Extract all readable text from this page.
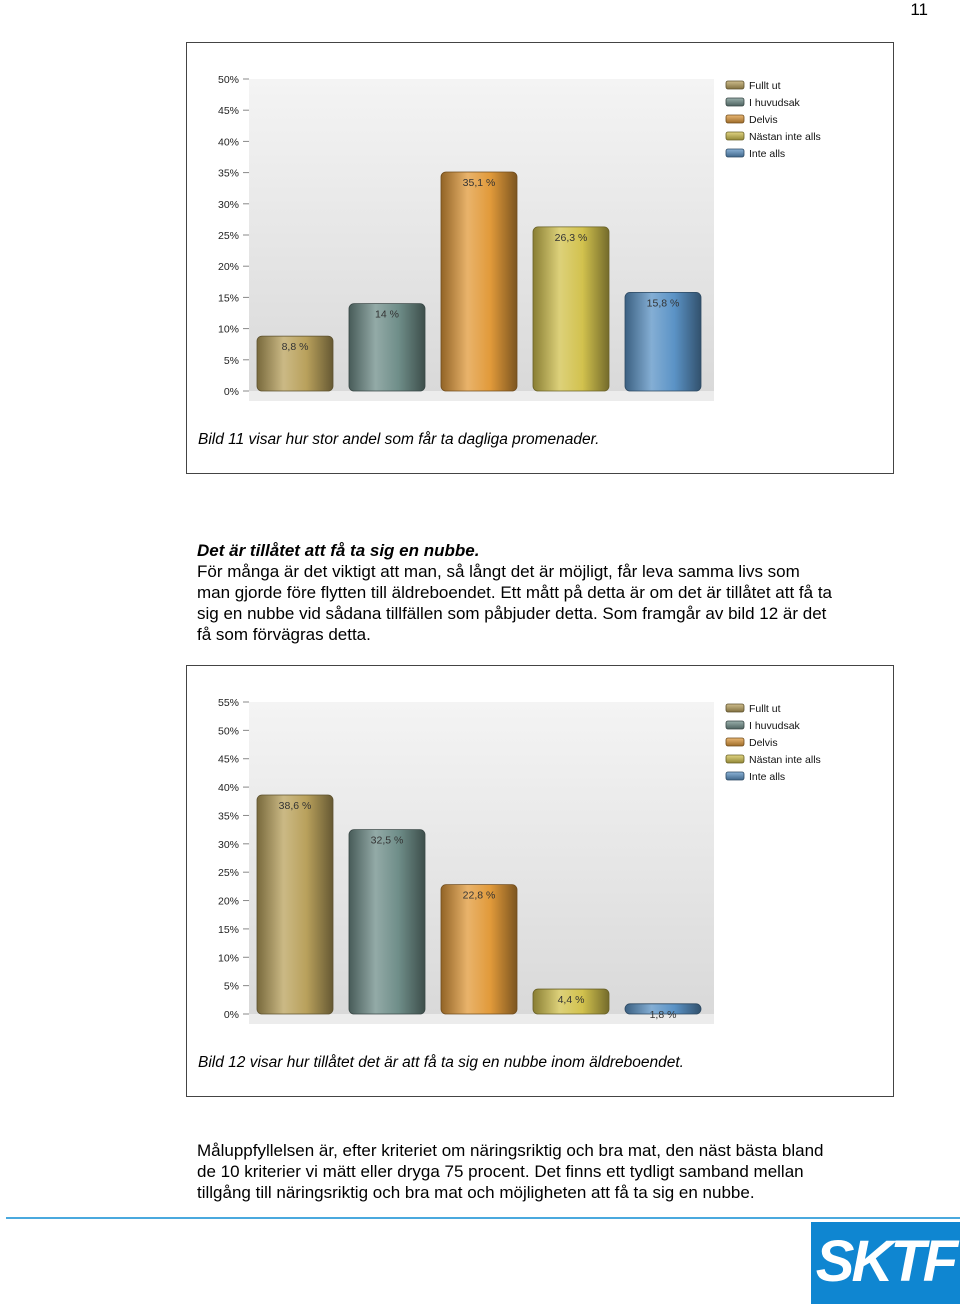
11
50%
45%
40%
35%
30%
25%
20%
15%
10%
5%
0%
8,8 %
14 %
35,1 %
26,3 %
15,8 %
Fullt ut
I huvudsak
Delvis
Nästan inte alls
Inte alls
Bild 11 visar hur stor andel som får ta dagliga promenader.
Det är tillåtet att få ta sig en nubbe.
För många är det viktigt att man, så långt det är möjligt, får leva samma livs som
man gjorde före flytten till äldreboendet. Ett mått på detta är om det är tillåtet att få ta
sig en nubbe vid sådana tillfällen som påbjuder detta. Som framgår av bild 12 är det
få som förvägras detta.
55%
50%
45%
40%
35%
30%
25%
20%
15%
10%
5%
0%
38,6 %
32,5 %
22,8 %
4,4 %
1,8 %
Fullt ut
I huvudsak
Delvis
Nästan inte alls
Inte alls
Bild 12 visar hur tillåtet det är att få ta sig en nubbe inom äldreboendet.
Måluppfyllelsen är, efter kriteriet om näringsriktig och bra mat, den näst bästa bland
de 10 kriterier vi mätt eller dryga 75 procent. Det finns ett tydligt samband mellan
tillgång till näringsriktig och bra mat och möjligheten att få ta sig en nubbe.
SKTF
